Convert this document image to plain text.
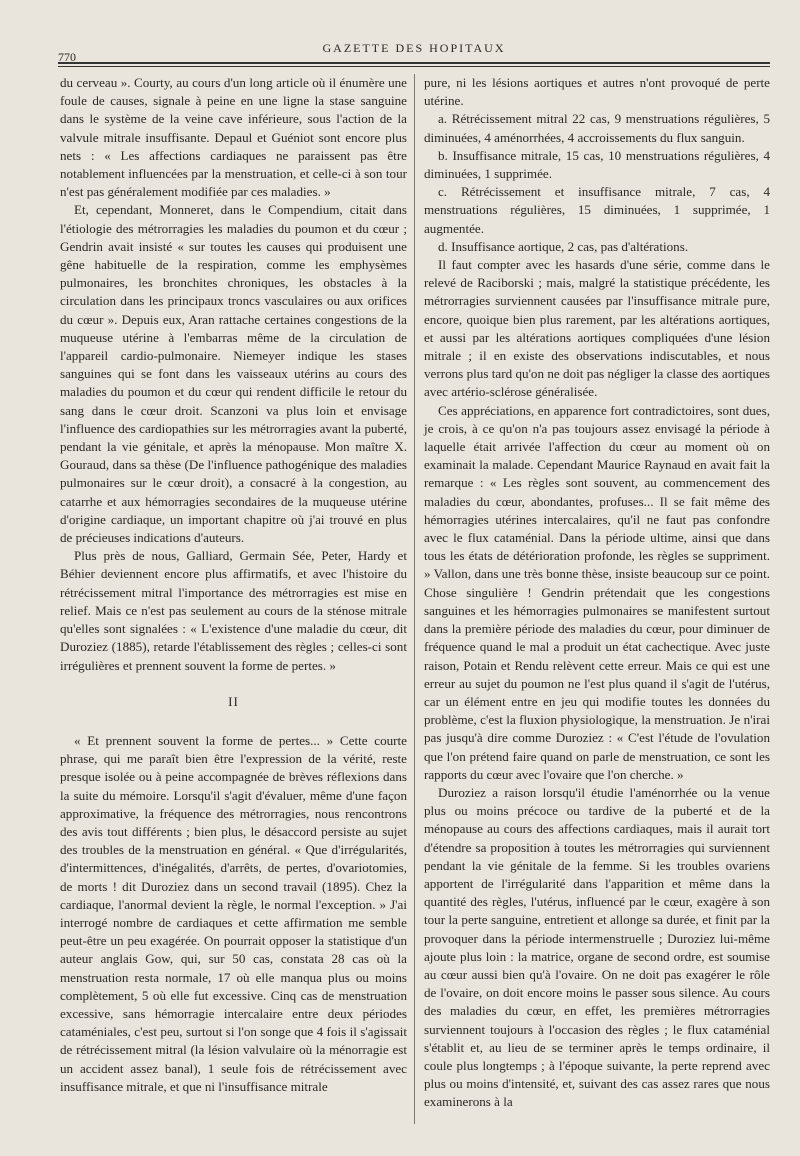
770
GAZETTE DES HOPITAUX

du cerveau ». Courty, au cours d'un long article où il énumère une foule de causes, signale à peine en une ligne la stase sanguine dans le système de la veine cave inférieure, sous l'action de la valvule mitrale insuffisante. Depaul et Guéniot sont encore plus nets : « Les affections cardiaques ne paraissent pas être notablement influencées par la menstruation, et celle-ci à son tour n'est pas généralement modifiée par ces maladies. »

Et, cependant, Monneret, dans le Compendium, citait dans l'étiologie des métrorragies les maladies du poumon et du cœur ; Gendrin avait insisté « sur toutes les causes qui produisent une gêne habituelle de la respiration, comme les emphysèmes pulmonaires, les bronchites chroniques, les obstacles à la circulation dans les principaux troncs vasculaires ou aux orifices du cœur ». Depuis eux, Aran rattache certaines congestions de la muqueuse utérine à l'embarras même de la circulation de l'appareil cardio-pulmonaire. Niemeyer indique les stases sanguines qui se font dans les vaisseaux utérins au cours des maladies du poumon et du cœur qui rendent difficile le retour du sang dans le cœur droit. Scanzoni va plus loin et envisage l'influence des cardiopathies sur les métrorragies avant la puberté, pendant la vie génitale, et après la ménopause. Mon maître X. Gouraud, dans sa thèse (De l'influence pathogénique des maladies pulmonaires sur le cœur droit), a consacré à la congestion, au catarrhe et aux hémorragies secondaires de la muqueuse utérine d'origine cardiaque, un important chapitre où j'ai trouvé en plus de précieuses indications d'auteurs.

Plus près de nous, Galliard, Germain Sée, Peter, Hardy et Béhier deviennent encore plus affirmatifs, et avec l'histoire du rétrécissement mitral l'importance des métrorragies est mise en relief. Mais ce n'est pas seulement au cours de la sténose mitrale qu'elles sont signalées : « L'existence d'une maladie du cœur, dit Duroziez (1885), retarde l'établissement des règles ; celles-ci sont irrégulières et prennent souvent la forme de pertes. »

II

« Et prennent souvent la forme de pertes... » Cette courte phrase, qui me paraît bien être l'expression de la vérité, reste presque isolée ou à peine accompagnée de brèves réflexions dans la suite du mémoire. Lorsqu'il s'agit d'évaluer, même d'une façon approximative, la fréquence des métrorragies, nous rencontrons des avis tout différents ; bien plus, le désaccord persiste au sujet des troubles de la menstruation en général. « Que d'irrégularités, d'intermittences, d'inégalités, d'arrêts, de pertes, d'ovariotomies, de morts ! dit Duroziez dans un second travail (1895). Chez la cardiaque, l'anormal devient la règle, le normal l'exception. » J'ai interrogé nombre de cardiaques et cette affirmation me semble peut-être un peu exagérée. On pourrait opposer la statistique d'un auteur anglais Gow, qui, sur 50 cas, constata 28 cas où la menstruation resta normale, 17 où elle manqua plus ou moins complètement, 5 où elle fut excessive. Cinq cas de menstruation excessive, sans hémorragie intercalaire entre deux périodes cataméniales, c'est peu, surtout si l'on songe que 4 fois il s'agissait de rétrécissement mitral (la lésion valvulaire où la ménorragie est un accident assez banal), 1 seule fois de rétrécissement avec insuffisance mitrale, et que ni l'insuffisance mitrale

pure, ni les lésions aortiques et autres n'ont provoqué de perte utérine.

a. Rétrécissement mitral 22 cas, 9 menstruations régulières, 5 diminuées, 4 aménorrhées, 4 accroissements du flux sanguin.

b. Insuffisance mitrale, 15 cas, 10 menstruations régulières, 4 diminuées, 1 supprimée.

c. Rétrécissement et insuffisance mitrale, 7 cas, 4 menstruations régulières, 15 diminuées, 1 supprimée, 1 augmentée.

d. Insuffisance aortique, 2 cas, pas d'altérations.

Il faut compter avec les hasards d'une série, comme dans le relevé de Raciborski ; mais, malgré la statistique précédente, les métrorragies surviennent causées par l'insuffisance mitrale pure, encore, quoique bien plus rarement, par les altérations aortiques, et aussi par les altérations aortiques compliquées d'une lésion mitrale ; il en existe des observations indiscutables, et nous verrons plus tard qu'on ne doit pas négliger la classe des aortiques avec artério-sclérose généralisée.

Ces appréciations, en apparence fort contradictoires, sont dues, je crois, à ce qu'on n'a pas toujours assez envisagé la période à laquelle était arrivée l'affection du cœur au moment où on examinait la malade. Cependant Maurice Raynaud en avait fait la remarque : « Les règles sont souvent, au commencement des maladies du cœur, abondantes, profuses... Il se fait même des hémorragies utérines intercalaires, qu'il ne faut pas confondre avec le flux cataménial. Dans la période ultime, ainsi que dans tous les états de détérioration profonde, les règles se suppriment. » Vallon, dans une très bonne thèse, insiste beaucoup sur ce point. Chose singulière ! Gendrin prétendait que les congestions sanguines et les hémorragies pulmonaires se manifestent surtout dans la première période des maladies du cœur, pour diminuer de fréquence quand le mal a produit un état cachectique. Avec juste raison, Potain et Rendu relèvent cette erreur. Mais ce qui est une erreur au sujet du poumon ne l'est plus quand il s'agit de l'utérus, car un élément entre en jeu qui modifie toutes les données du problème, c'est la fluxion physiologique, la menstruation. Je n'irai pas jusqu'à dire comme Duroziez : « C'est l'étude de l'ovulation que l'on prétend faire quand on parle de menstruation, ce sont les rapports du cœur avec l'ovaire que l'on cherche. »

Duroziez a raison lorsqu'il étudie l'aménorrhée ou la venue plus ou moins précoce ou tardive de la puberté et de la ménopause au cours des affections cardiaques, mais il aurait tort d'étendre sa proposition à toutes les métrorragies qui surviennent pendant la vie génitale de la femme. Si les troubles ovariens apportent de l'irrégularité dans l'apparition et même dans la quantité des règles, l'utérus, influencé par le cœur, exagère à son tour la perte sanguine, entretient et allonge sa durée, et finit par la provoquer dans la période intermenstruelle ; Duroziez lui-même ajoute plus loin : la matrice, organe de second ordre, est soumise au cœur aussi bien qu'à l'ovaire. On ne doit pas exagérer le rôle de l'ovaire, on doit encore moins le passer sous silence. Au cours des maladies du cœur, en effet, les premières métrorragies surviennent toujours à l'occasion des règles ; le flux cataménial s'établit et, au lieu de se terminer après le temps ordinaire, il coule plus longtemps ; à l'époque suivante, la perte reprend avec plus ou moins d'intensité, et, suivant des cas assez rares que nous examinerons à la
